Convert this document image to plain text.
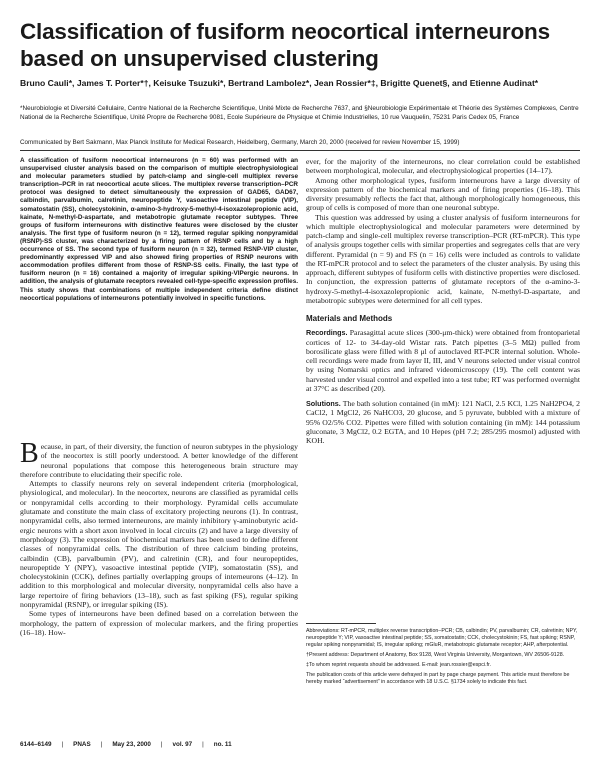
Classification of fusiform neocortical interneurons based on unsupervised clustering

Bruno Cauli*, James T. Porter*†, Keisuke Tsuzuki*, Bertrand Lambolez*, Jean Rossier*‡, Brigitte Quenet§, and Etienne Audinat*

*Neurobiologie et Diversité Cellulaire, Centre National de la Recherche Scientifique, Unité Mixte de Recherche 7637, and §Neurobiologie Expérimentale et Théorie des Systèmes Complexes, Centre National de la Recherche Scientifique, Unité Propre de Recherche 9081, Ecole Supérieure de Physique et Chimie Industrielles, 10 rue Vauquelin, 75231 Paris Cedex 05, France

Communicated by Bert Sakmann, Max Planck Institute for Medical Research, Heidelberg, Germany, March 20, 2000 (received for review November 15, 1999)

A classification of fusiform neocortical interneurons (n = 60) was performed with an unsupervised cluster analysis based on the comparison of multiple electrophysiological and molecular parameters studied by patch-clamp and single-cell multiplex reverse transcription–PCR in rat neocortical acute slices. The multiplex reverse transcription–PCR protocol was designed to detect simultaneously the expression of GAD65, GAD67, calbindin, parvalbumin, calretinin, neuropeptide Y, vasoactive intestinal peptide (VIP), somatostatin (SS), cholecystokinin, α-amino-3-hydroxy-5-methyl-4-isoxazolepropionic acid, kainate, N-methyl-D-aspartate, and metabotropic glutamate receptor subtypes. Three groups of fusiform interneurons with distinctive features were disclosed by the cluster analysis. The first type of fusiform neuron (n = 12), termed regular spiking nonpyramidal (RSNP)-SS cluster, was characterized by a firing pattern of RSNP cells and by a high occurrence of SS. The second type of fusiform neuron (n = 32), termed RSNP-VIP cluster, predominantly expressed VIP and also showed firing properties of RSNP neurons with accommodation profiles different from those of RSNP-SS cells. Finally, the last type of fusiform neuron (n = 16) contained a majority of irregular spiking-VIPergic neurons. In addition, the analysis of glutamate receptors revealed cell-type-specific expression profiles. This study shows that combinations of multiple independent criteria define distinct neocortical populations of interneurons potentially involved in specific functions.

Because, in part, of their diversity, the function of neuron subtypes in the physiology of the neocortex is still poorly understood. A better knowledge of the different neuronal populations that compose this heterogeneous brain structure may therefore contribute to elucidating their specific role.

Attempts to classify neurons rely on several independent criteria (morphological, physiological, and molecular). In the neocortex, neurons are classified as pyramidal cells or nonpyramidal cells according to their morphology. Pyramidal cells accumulate glutamate and constitute the main class of excitatory projecting neurons (1). In contrast, nonpyramidal cells, also termed interneurons, are mainly inhibitory γ-aminobutyric acid-ergic neurons with a short axon involved in local circuits (2) and have a large diversity of morphology (3). The expression of biochemical markers has been used to define different classes of nonpyramidal cells. The distribution of three calcium binding proteins, calbindin (CB), parvalbumin (PV), and calretinin (CR), and four neuropeptides, neuropeptide Y (NPY), vasoactive intestinal peptide (VIP), somatostatin (SS), and cholecystokinin (CCK), defines partially overlapping groups of interneurons (4–12). In addition to this morphological and molecular diversity, nonpyramidal cells also have a large repertoire of firing behaviors (13–18), such as fast spiking (FS), regular spiking nonpyramidal (RSNP), or irregular spiking (IS).

Some types of interneurons have been defined based on a correlation between the morphology, the pattern of expression of molecular markers, and the firing properties (16–18). How-

ever, for the majority of the interneurons, no clear correlation could be established between morphological, molecular, and electrophysiological properties (14–17).

Among other morphological types, fusiform interneurons have a large diversity of expression pattern of the biochemical markers and of firing properties (16–18). This diversity presumably reflects the fact that, although morphologically homogeneous, this group of cells is composed of more than one neuronal subtype.

This question was addressed by using a cluster analysis of fusiform interneurons for which multiple electrophysiological and molecular parameters were determined by patch-clamp and single-cell multiplex reverse transcription–PCR (RT-mPCR). This type of analysis groups together cells with similar properties and segregates cells that are very different. Pyramidal (n = 9) and FS (n = 16) cells were included as controls to validate the RT-mPCR protocol and to select the parameters of the cluster analysis. By using this approach, different subtypes of fusiform cells with distinctive properties were disclosed. In conjunction, the expression patterns of glutamate receptors of the α-amino-3-hydroxy-5-methyl-4-isoxazolepropionic acid, kainate, N-methyl-D-aspartate, and metabotropic subtypes were determined for all cell types.

Materials and Methods

Recordings. Parasagittal acute slices (300-μm-thick) were obtained from frontoparietal cortices of 12- to 34-day-old Wistar rats. Patch pipettes (3–5 MΩ) pulled from borosilicate glass were filled with 8 μl of autoclaved RT-PCR internal solution. Whole-cell recordings were made from layer II, III, and V neurons selected under visual control by using Nomarski optics and infrared videomicroscopy (19). The cell content was harvested under visual control and expelled into a test tube; RT was performed overnight at 37°C as described (20).

Solutions. The bath solution contained (in mM): 121 NaCl, 2.5 KCl, 1.25 NaH2PO4, 2 CaCl2, 1 MgCl2, 26 NaHCO3, 20 glucose, and 5 pyruvate, bubbled with a mixture of 95% O2/5% CO2. Pipettes were filled with solution containing (in mM): 144 potassium gluconate, 3 MgCl2, 0.2 EGTA, and 10 Hepes (pH 7.2; 285/295 mosmol) adjusted with KOH.

Abbreviations: RT-mPCR, multiplex reverse transcription–PCR; CB, calbindin; PV, parvalbumin; CR, calretinin; NPY, neuropeptide Y; VIP, vasoactive intestinal peptide; SS, somatostatin; CCK, cholecystokinin; FS, fast spiking; RSNP, regular spiking nonpyramidal; IS, irregular spiking; mGluR, metabotropic glutamate receptor; AHP, afterpotential.

†Present address: Department of Anatomy, Box 9128, West Virginia University, Morgantown, WV 26506-9128.

‡To whom reprint requests should be addressed. E-mail: jean.rossier@espci.fr.

The publication costs of this article were defrayed in part by page charge payment. This article must therefore be hereby marked “advertisement” in accordance with 18 U.S.C. §1734 solely to indicate this fact.

6144–6149 | PNAS | May 23, 2000 | vol. 97 | no. 11
